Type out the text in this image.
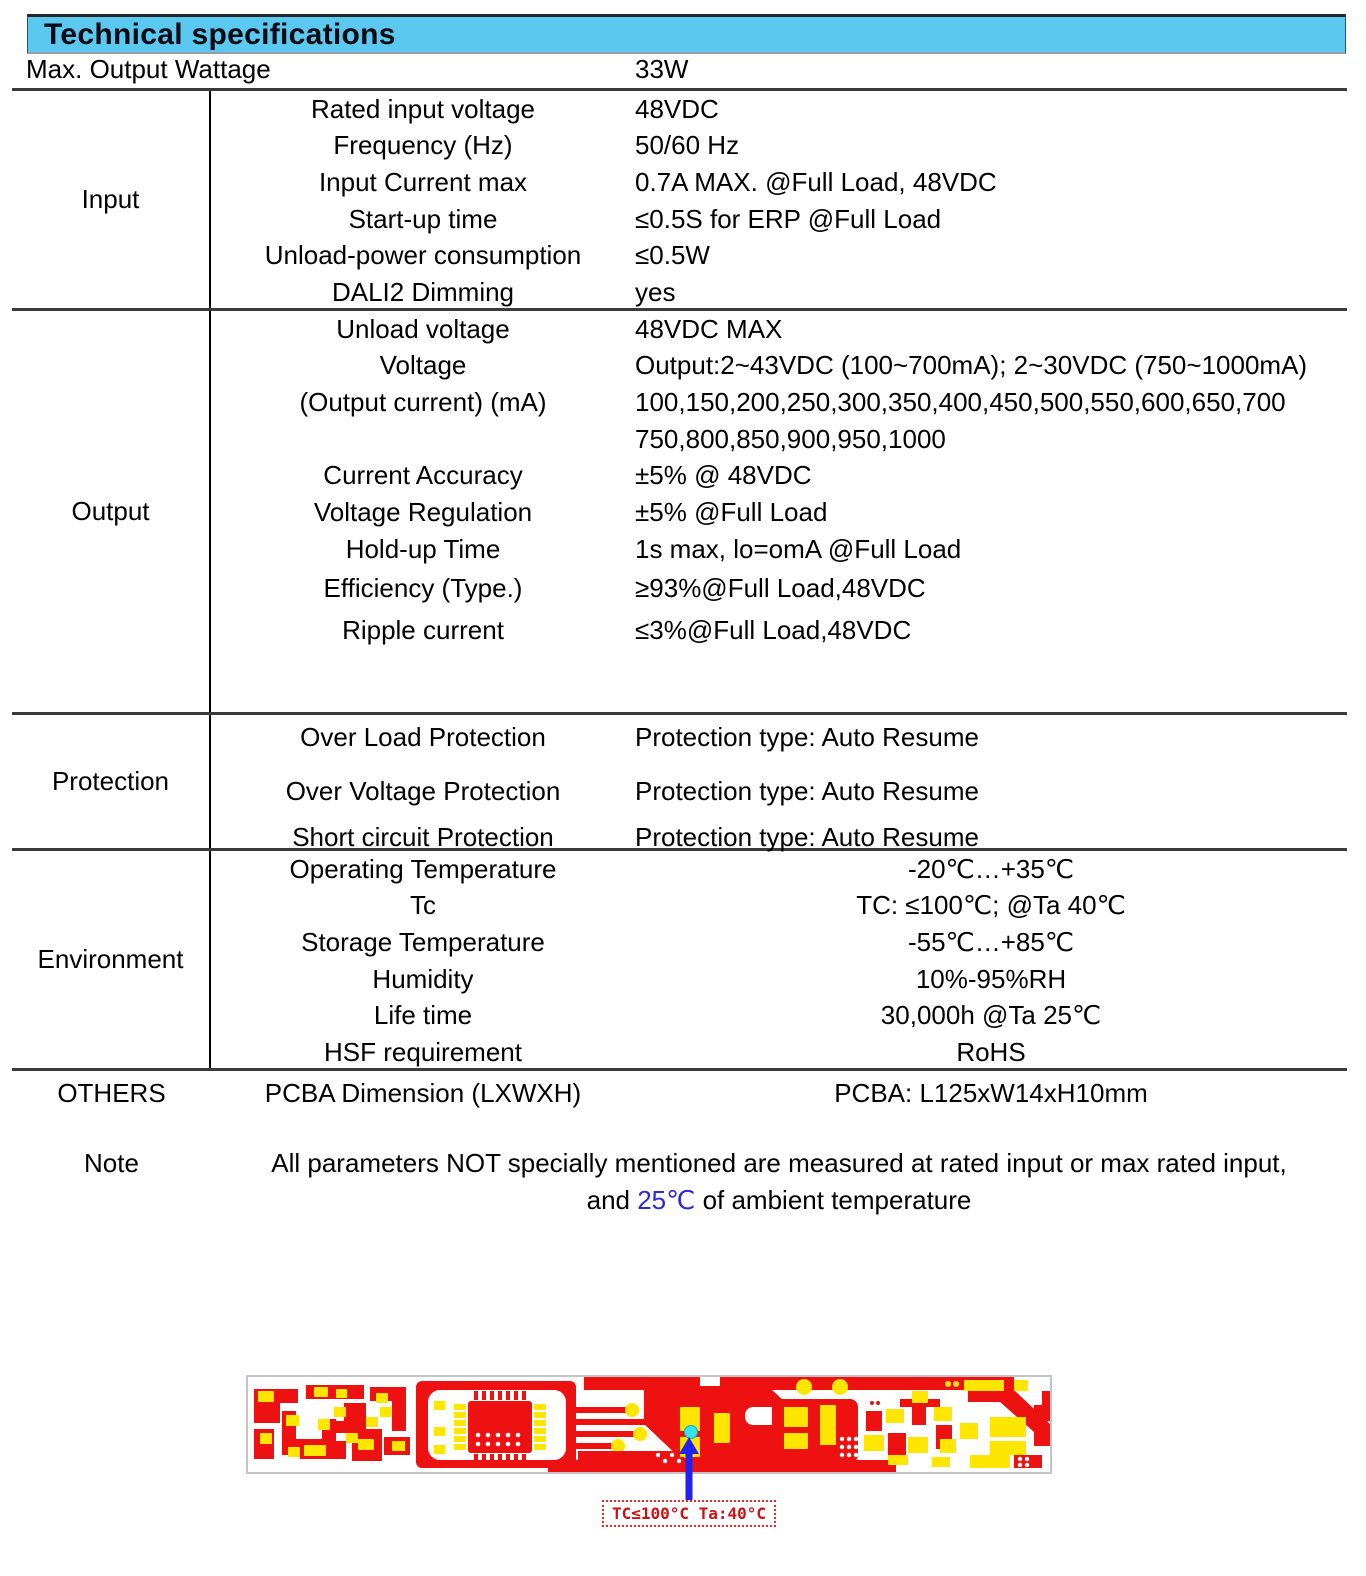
Technical specifications
Max. Output Wattage	33W
Input
Rated input voltage	48VDC
Frequency (Hz)	50/60 Hz
Input Current max	0.7A MAX. @Full Load, 48VDC
Start-up time	≤0.5S for ERP @Full Load
Unload-power consumption	≤0.5W
DALI2 Dimming	yes
Output
Unload voltage	48VDC MAX
Voltage	Output:2~43VDC (100~700mA); 2~30VDC (750~1000mA)
(Output current) (mA)	100,150,200,250,300,350,400,450,500,550,600,650,700
750,800,850,900,950,1000
Current Accuracy	±5% @ 48VDC
Voltage Regulation	±5% @Full Load
Hold-up Time	1s max, lo=omA @Full Load
Efficiency (Type.)	≥93%@Full Load,48VDC
Ripple current	≤3%@Full Load,48VDC
Protection
Over Load Protection	Protection type: Auto Resume
Over Voltage Protection	Protection type: Auto Resume
Short circuit Protection	Protection type: Auto Resume
Environment
Operating Temperature	-20℃…+35℃
Tc	TC: ≤100℃; @Ta 40℃
Storage Temperature	-55℃…+85℃
Humidity	10%-95%RH
Life time	30,000h @Ta 25℃
HSF requirement	RoHS
OTHERS	PCBA Dimension (LXWXH)	PCBA: L125xW14xH10mm
Note	All parameters NOT specially mentioned are measured at rated input or max rated input,
and 25℃ of ambient temperature
TC≤100°C Ta:40°C
